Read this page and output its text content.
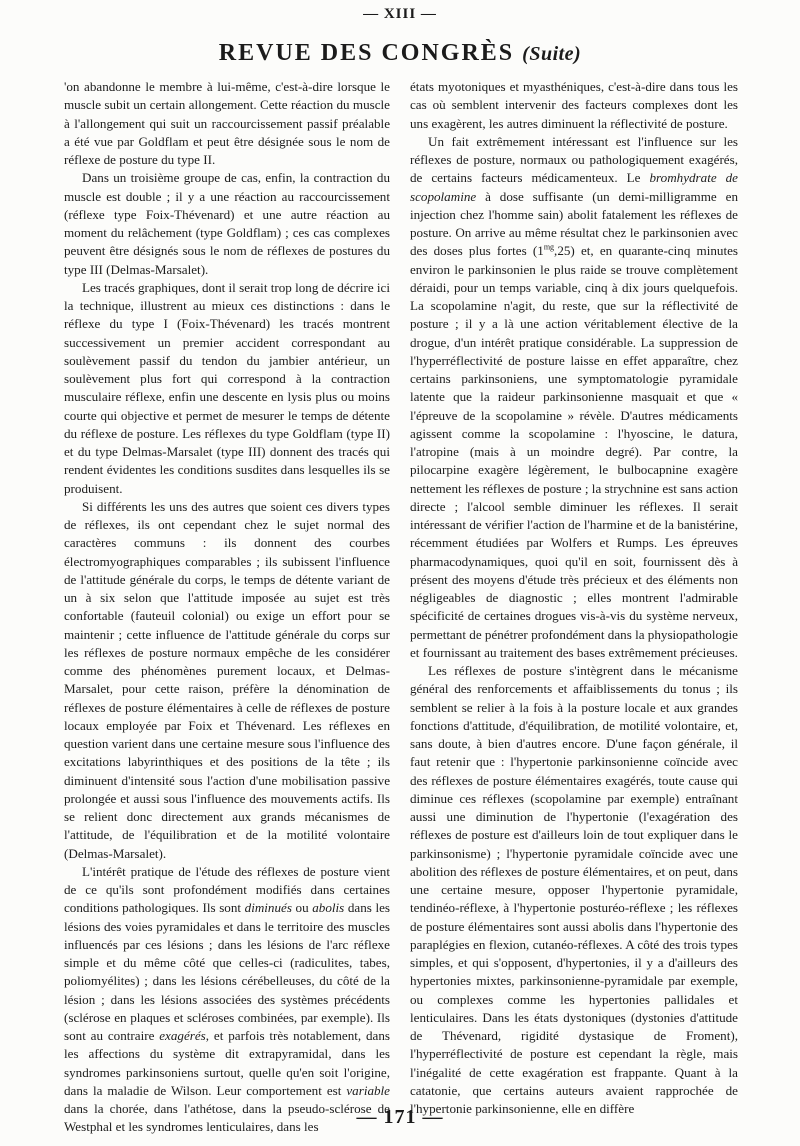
— XIII —
REVUE DES CONGRÈS (Suite)

'on abandonne le membre à lui-même, c'est-à-dire lorsque le muscle subit un certain allongement. Cette réaction du muscle à l'allongement qui suit un raccourcissement passif préalable a été vue par Goldflam et peut être désignée sous le nom de réflexe de posture du type II.

Dans un troisième groupe de cas, enfin, la contraction du muscle est double ; il y a une réaction au raccourcissement (réflexe type Foix-Thévenard) et une autre réaction au moment du relâchement (type Goldflam) ; ces cas complexes peuvent être désignés sous le nom de réflexes de postures du type III (Delmas-Marsalet).

Les tracés graphiques, dont il serait trop long de décrire ici la technique, illustrent au mieux ces distinctions : dans le réflexe du type I (Foix-Thévenard) les tracés montrent successivement un premier accident correspondant au soulèvement passif du tendon du jambier antérieur, un soulèvement plus fort qui correspond à la contraction musculaire réflexe, enfin une descente en lysis plus ou moins courte qui objective et permet de mesurer le temps de détente du réflexe de posture. Les réflexes du type Goldflam (type II) et du type Delmas-Marsalet (type III) donnent des tracés qui rendent évidentes les conditions susdites dans lesquelles ils se produisent.

Si différents les uns des autres que soient ces divers types de réflexes, ils ont cependant chez le sujet normal des caractères communs : ils donnent des courbes électromyographiques comparables ; ils subissent l'influence de l'attitude générale du corps, le temps de détente variant de un à six selon que l'attitude imposée au sujet est très confortable (fauteuil colonial) ou exige un effort pour se maintenir ; cette influence de l'attitude générale du corps sur les réflexes de posture normaux empêche de les considérer comme des phénomènes purement locaux, et Delmas-Marsalet, pour cette raison, préfère la dénomination de réflexes de posture élémentaires à celle de réflexes de posture locaux employée par Foix et Thévenard. Les réflexes en question varient dans une certaine mesure sous l'influence des excitations labyrinthiques et des positions de la tête ; ils diminuent d'intensité sous l'action d'une mobilisation passive prolongée et aussi sous l'influence des mouvements actifs. Ils se relient donc directement aux grands mécanismes de l'attitude, de l'équilibration et de la motilité volontaire (Delmas-Marsalet).

L'intérêt pratique de l'étude des réflexes de posture vient de ce qu'ils sont profondément modifiés dans certaines conditions pathologiques. Ils sont diminués ou abolis dans les lésions des voies pyramidales et dans le territoire des muscles influencés par ces lésions ; dans les lésions de l'arc réflexe simple et du même côté que celles-ci (radiculites, tabes, poliomyélites) ; dans les lésions cérébelleuses, du côté de la lésion ; dans les lésions associées des systèmes précédents (sclérose en plaques et scléroses combinées, par exemple). Ils sont au contraire exagérés, et parfois très notablement, dans les affections du système dit extrapyramidal, dans les syndromes parkinsoniens surtout, quelle qu'en soit l'origine, dans la maladie de Wilson. Leur comportement est variable dans la chorée, dans l'athétose, dans la pseudo-sclérose de Westphal et les syndromes lenticulaires, dans les

états myotoniques et myasthéniques, c'est-à-dire dans tous les cas où semblent intervenir des facteurs complexes dont les uns exagèrent, les autres diminuent la réflectivité de posture.

Un fait extrêmement intéressant est l'influence sur les réflexes de posture, normaux ou pathologiquement exagérés, de certains facteurs médicamenteux. Le bromhydrate de scopolamine à dose suffisante (un demi-milligramme en injection chez l'homme sain) abolit fatalement les réflexes de posture. On arrive au même résultat chez le parkinsonien avec des doses plus fortes $(1^{mg},25)$ et, en quarante-cinq minutes environ le parkinsonien le plus raide se trouve complètement déraidi, pour un temps variable, cinq à dix jours quelquefois. La scopolamine n'agit, du reste, que sur la réflectivité de posture ; il y a là une action véritablement élective de la drogue, d'un intérêt pratique considérable. La suppression de l'hyperréflectivité de posture laisse en effet apparaître, chez certains parkinsoniens, une symptomatologie pyramidale latente que la raideur parkinsonienne masquait et que « l'épreuve de la scopolamine » révèle. D'autres médicaments agissent comme la scopolamine : l'hyoscine, le datura, l'atropine (mais à un moindre degré). Par contre, la pilocarpine exagère légèrement, le bulbocapnine exagère nettement les réflexes de posture ; la strychnine est sans action directe ; l'alcool semble diminuer les réflexes. Il serait intéressant de vérifier l'action de l'harmine et de la banistérine, récemment étudiées par Wolfers et Rumps. Les épreuves pharmacodynamiques, quoi qu'il en soit, fournissent dès à présent des moyens d'étude très précieux et des éléments non négligeables de diagnostic ; elles montrent l'admirable spécificité de certaines drogues vis-à-vis du système nerveux, permettant de pénétrer profondément dans la physiopathologie et fournissant au traitement des bases extrêmement précieuses.

Les réflexes de posture s'intègrent dans le mécanisme général des renforcements et affaiblissements du tonus ; ils semblent se relier à la fois à la posture locale et aux grandes fonctions d'attitude, d'équilibration, de motilité volontaire, et, sans doute, à bien d'autres encore. D'une façon générale, il faut retenir que : l'hypertonie parkinsonienne coïncide avec des réflexes de posture élémentaires exagérés, toute cause qui diminue ces réflexes (scopolamine par exemple) entraînant aussi une diminution de l'hypertonie (l'exagération des réflexes de posture est d'ailleurs loin de tout expliquer dans le parkinsonisme) ; l'hypertonie pyramidale coïncide avec une abolition des réflexes de posture élémentaires, et on peut, dans une certaine mesure, opposer l'hypertonie pyramidale, tendinéo-réflexe, à l'hypertonie posturéo-réflexe ; les réflexes de posture élémentaires sont aussi abolis dans l'hypertonie des paraplégies en flexion, cutanéo-réflexes. A côté des trois types simples, et qui s'opposent, d'hypertonies, il y a d'ailleurs des hypertonies mixtes, parkinsonienne-pyramidale par exemple, ou complexes comme les hypertonies pallidales et lenticulaires. Dans les états dystoniques (dystonies d'attitude de Thévenard, rigidité dystasique de Froment), l'hyperréflectivité de posture est cependant la règle, mais l'inégalité de cette exagération est frappante. Quant à la catatonie, que certains auteurs avaient rapprochée de l'hypertonie parkinsonienne, elle en diffère

— 171 —
